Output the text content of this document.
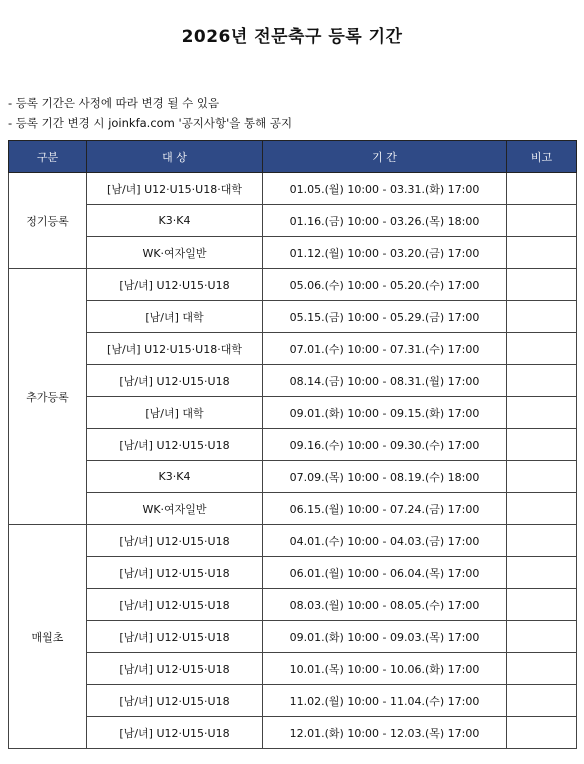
2026년 전문축구 등록 기간
- 등록 기간은 사정에 따라 변경 될 수 있음
- 등록 기간 변경 시 joinkfa.com '공지사항'을 통해 공지
구분	대 상	기 간	비고
정기등록	[남/녀] U12·U15·U18·대학	01.05.(월) 10:00 - 03.31.(화) 17:00	
	K3·K4	01.16.(금) 10:00 - 03.26.(목) 18:00	
	WK·여자일반	01.12.(월) 10:00 - 03.20.(금) 17:00	
추가등록	[남/녀] U12·U15·U18	05.06.(수) 10:00 - 05.20.(수) 17:00	
	[남/녀] 대학	05.15.(금) 10:00 - 05.29.(금) 17:00	
	[남/녀] U12·U15·U18·대학	07.01.(수) 10:00 - 07.31.(수) 17:00	
	[남/녀] U12·U15·U18	08.14.(금) 10:00 - 08.31.(월) 17:00	
	[남/녀] 대학	09.01.(화) 10:00 - 09.15.(화) 17:00	
	[남/녀] U12·U15·U18	09.16.(수) 10:00 - 09.30.(수) 17:00	
	K3·K4	07.09.(목) 10:00 - 08.19.(수) 18:00	
	WK·여자일반	06.15.(월) 10:00 - 07.24.(금) 17:00	
매월초	[남/녀] U12·U15·U18	04.01.(수) 10:00 - 04.03.(금) 17:00	
	[남/녀] U12·U15·U18	06.01.(월) 10:00 - 06.04.(목) 17:00	
	[남/녀] U12·U15·U18	08.03.(월) 10:00 - 08.05.(수) 17:00	
	[남/녀] U12·U15·U18	09.01.(화) 10:00 - 09.03.(목) 17:00	
	[남/녀] U12·U15·U18	10.01.(목) 10:00 - 10.06.(화) 17:00	
	[남/녀] U12·U15·U18	11.02.(월) 10:00 - 11.04.(수) 17:00	
	[남/녀] U12·U15·U18	12.01.(화) 10:00 - 12.03.(목) 17:00	
